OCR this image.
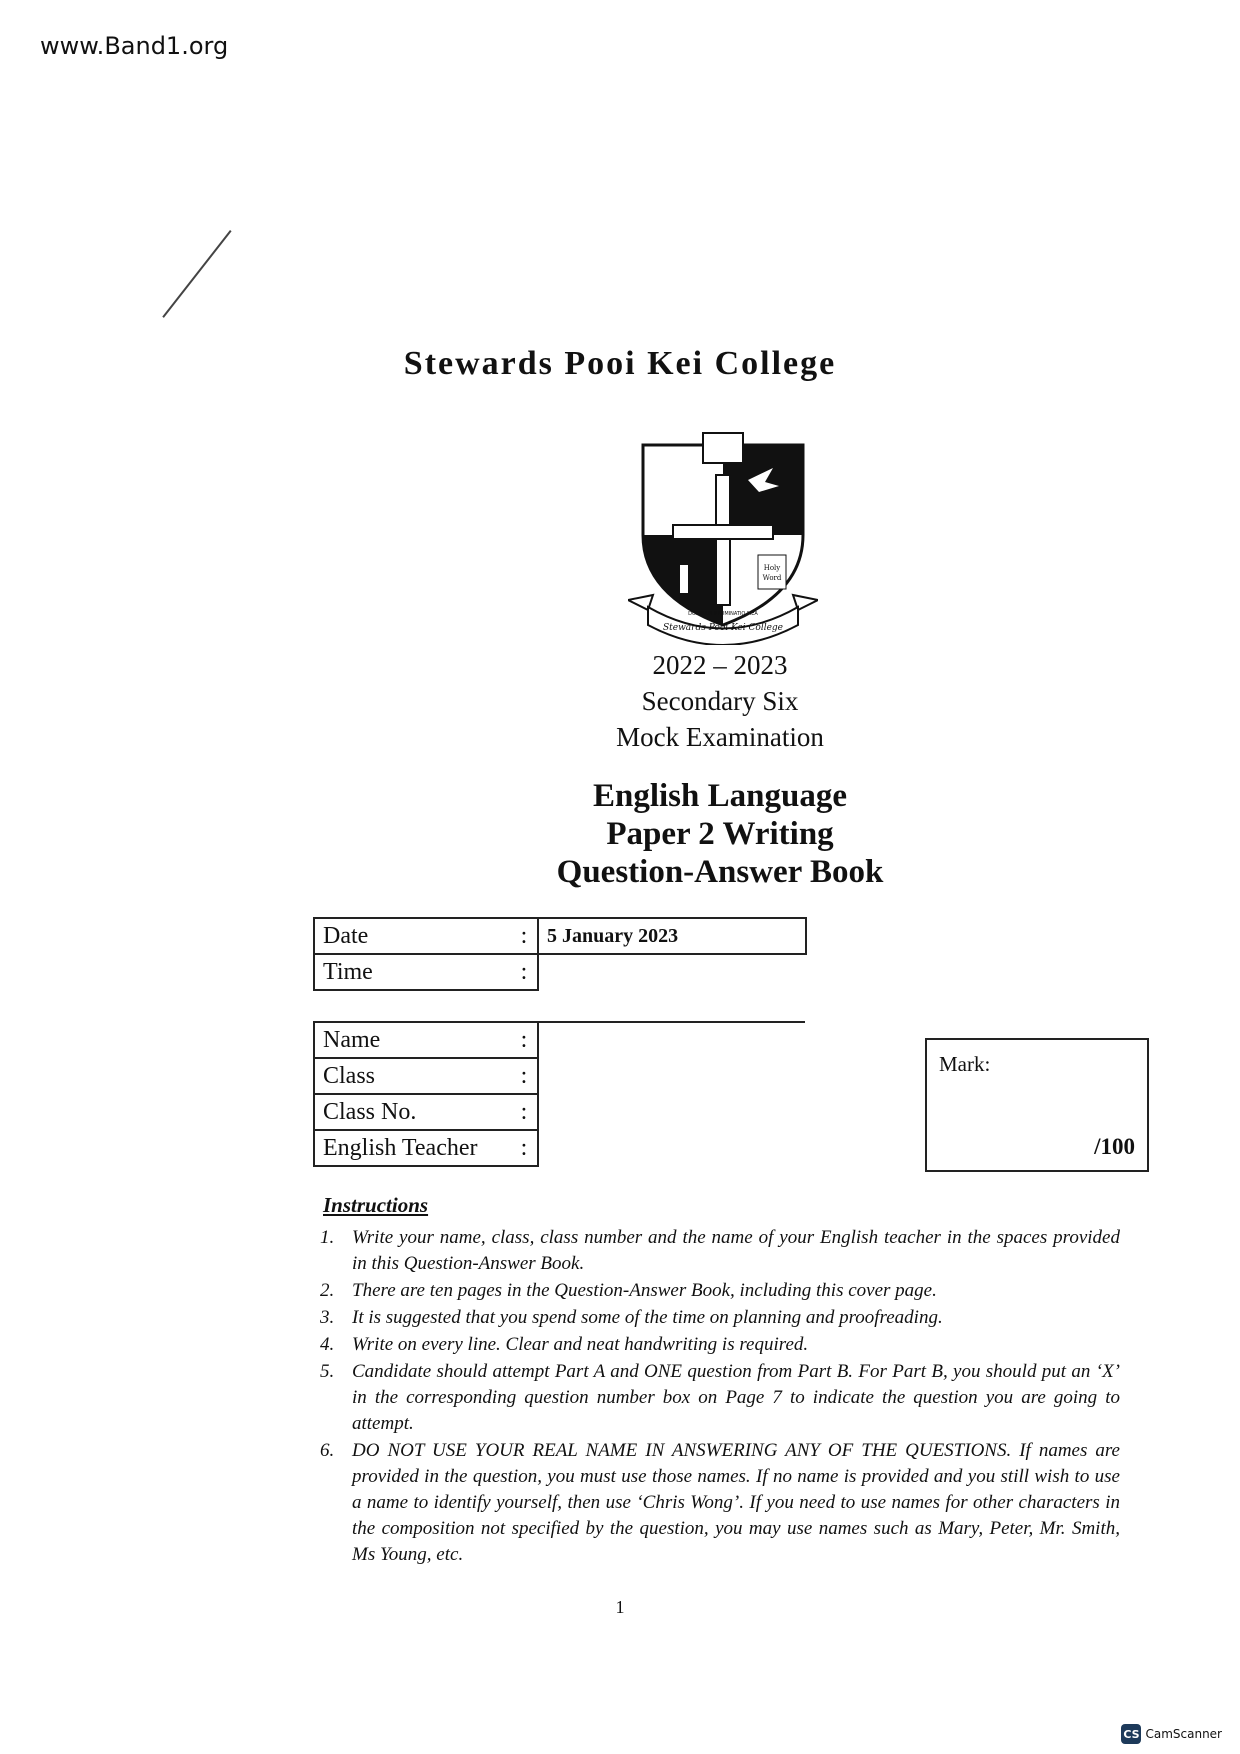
www.Band1.org
Stewards Pooi Kei College
Holy
Word
Stewards Pooi Kei College
DOMINUS ILLUMINATIO MEA
2022 – 2023
Secondary Six
Mock Examination
English Language
Paper 2 Writing
Question-Answer Book
Date	:	5 January 2023
Time	:	
Name	:	
Class	:	
Class No.	:	
English Teacher	:	
Mark:
/100
Instructions
1. Write your name, class, class number and the name of your English teacher in the spaces provided in this Question-Answer Book.
2. There are ten pages in the Question-Answer Book, including this cover page.
3. It is suggested that you spend some of the time on planning and proofreading.
4. Write on every line. Clear and neat handwriting is required.
5. Candidate should attempt Part A and ONE question from Part B. For Part B, you should put an ‘X’ in the corresponding question number box on Page 7 to indicate the question you are going to attempt.
6. DO NOT USE YOUR REAL NAME IN ANSWERING ANY OF THE QUESTIONS. If names are provided in the question, you must use those names. If no name is provided and you still wish to use a name to identify yourself, then use ‘Chris Wong’. If you need to use names for other characters in the composition not specified by the question, you may use names such as Mary, Peter, Mr. Smith, Ms Young, etc.
1
CS CamScanner
